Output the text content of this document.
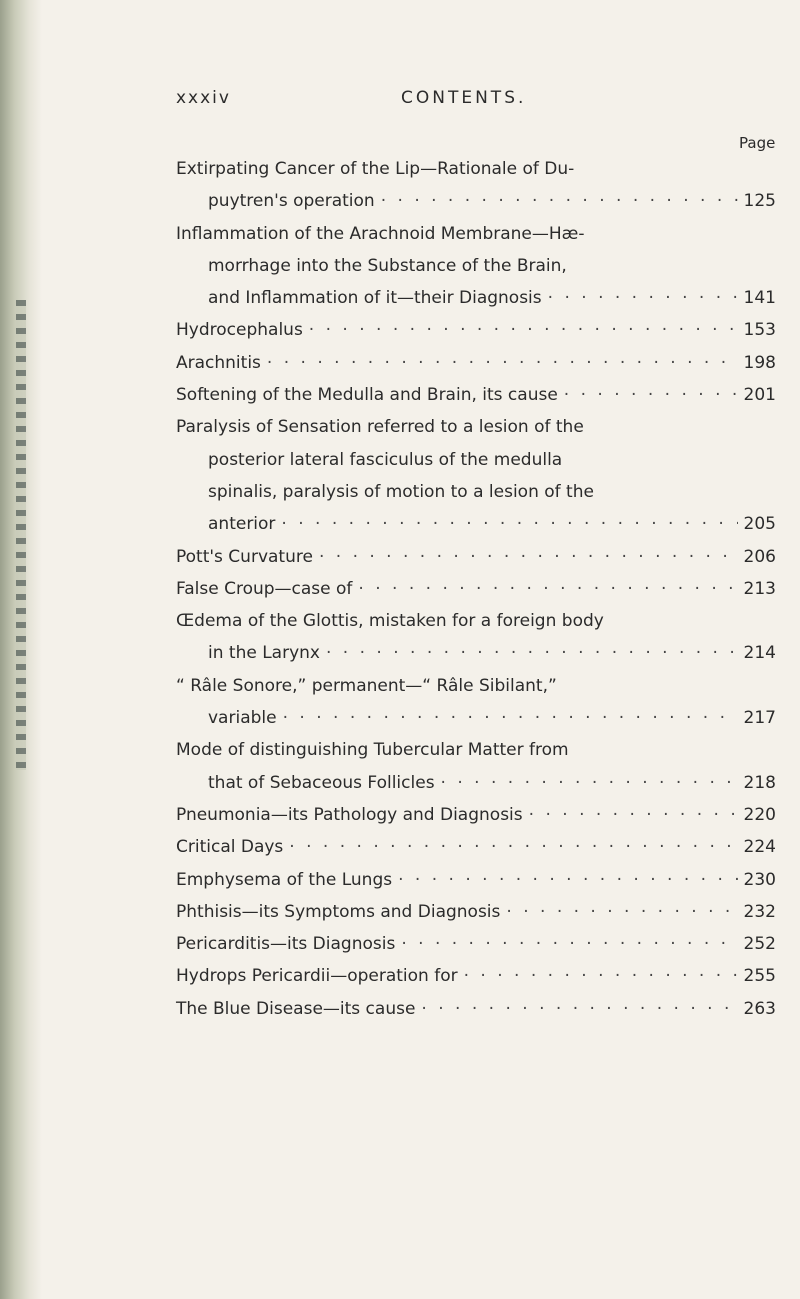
xxxiv	CONTENTS.
Page
Extirpating Cancer of the Lip—Rationale of Du-
puytren's operation · · ·	125
Inflammation of the Arachnoid Membrane—Hæ-
morrhage into the Substance of the Brain,
and Inflammation of it—their Diagnosis · · ·	141
Hydrocephalus · · ·	153
Arachnitis · · ·	198
Softening of the Medulla and Brain, its cause · · ·	201
Paralysis of Sensation referred to a lesion of the
posterior lateral fasciculus of the medulla
spinalis, paralysis of motion to a lesion of the
anterior · · ·	205
Pott's Curvature · · ·	206
False Croup—case of · · ·	213
Œdema of the Glottis, mistaken for a foreign body
in the Larynx · · ·	214
“ Râle Sonore,” permanent—“ Râle Sibilant,”
variable · · ·	217
Mode of distinguishing Tubercular Matter from
that of Sebaceous Follicles · · ·	218
Pneumonia—its Pathology and Diagnosis · · ·	220
Critical Days · · ·	224
Emphysema of the Lungs · · ·	230
Phthisis—its Symptoms and Diagnosis · · ·	232
Pericarditis—its Diagnosis · · ·	252
Hydrops Pericardii—operation for · · ·	255
The Blue Disease—its cause · · ·	263
